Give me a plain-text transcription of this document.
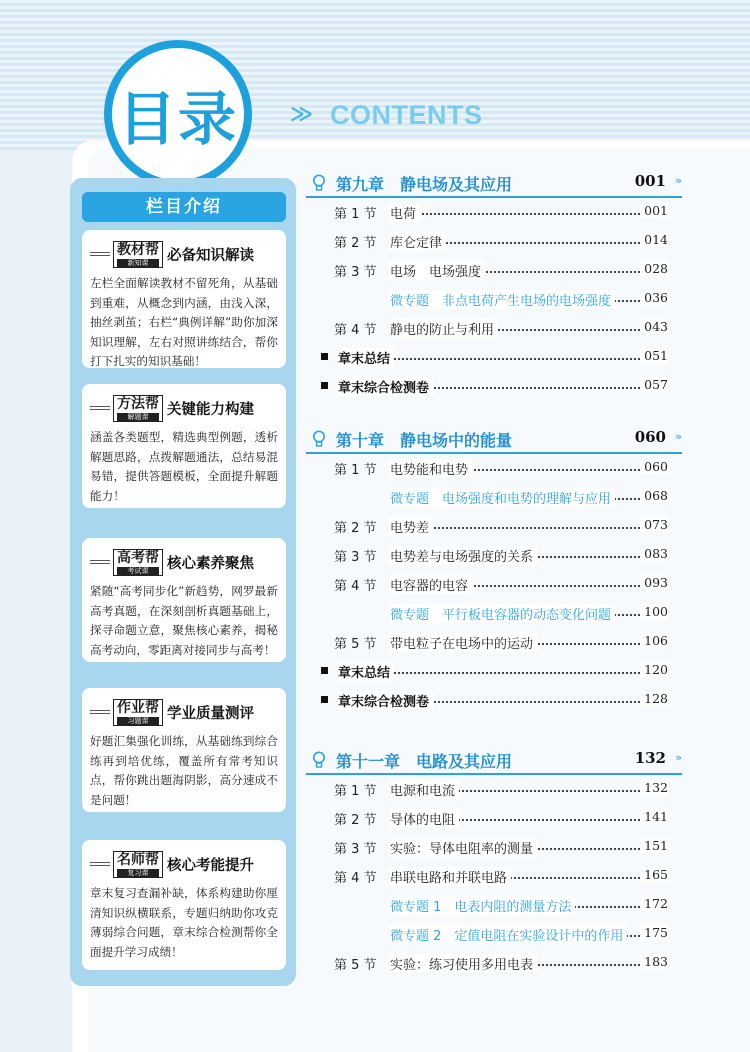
目录 ≫ CONTENTS
栏目介绍
教材帮
新知课	必备知识解读
左栏全面解读教材不留死角，从基础到重难，从概念到内涵，由浅入深，抽丝剥茧；右栏“典例详解”助你加深知识理解，左右对照讲练结合，帮你打下扎实的知识基础！
方法帮
解题课	关键能力构建
涵盖各类题型，精选典型例题，透析解题思路，点拨解题通法，总结易混易错，提供答题模板，全面提升解题能力！
高考帮
考试课	核心素养聚焦
紧随“高考同步化”新趋势，网罗最新高考真题，在深刻剖析真题基础上，探寻命题立意，聚焦核心素养，揭秘高考动向，零距离对接同步与高考！
作业帮
习题课	学业质量测评
好题汇集强化训练，从基础练到综合练再到培优练，覆盖所有常考知识点，帮你跳出题海阴影，高分速成不是问题！
名师帮
复习课	核心考能提升
章末复习查漏补缺，体系构建助你厘清知识纵横联系，专题归纳助你攻克薄弱综合问题，章末综合检测帮你全面提升学习成绩！
第九章　静电场及其应用	001 »
第 1 节 电荷	001
第 2 节 库仑定律	014
第 3 节 电场　电场强度	028
微专题　非点电荷产生电场的电场强度	036
第 4 节 静电的防止与利用	043
章末总结	051
章末综合检测卷	057
第十章　静电场中的能量	060 »
第 1 节 电势能和电势	060
微专题　电场强度和电势的理解与应用	068
第 2 节 电势差	073
第 3 节 电势差与电场强度的关系	083
第 4 节 电容器的电容	093
微专题　平行板电容器的动态变化问题	100
第 5 节 带电粒子在电场中的运动	106
章末总结	120
章末综合检测卷	128
第十一章　电路及其应用	132 »
第 1 节 电源和电流	132
第 2 节 导体的电阻	141
第 3 节 实验：导体电阻率的测量	151
第 4 节 串联电路和并联电路	165
微专题 1　电表内阻的测量方法	172
微专题 2　定值电阻在实验设计中的作用	175
第 5 节 实验：练习使用多用电表	183
